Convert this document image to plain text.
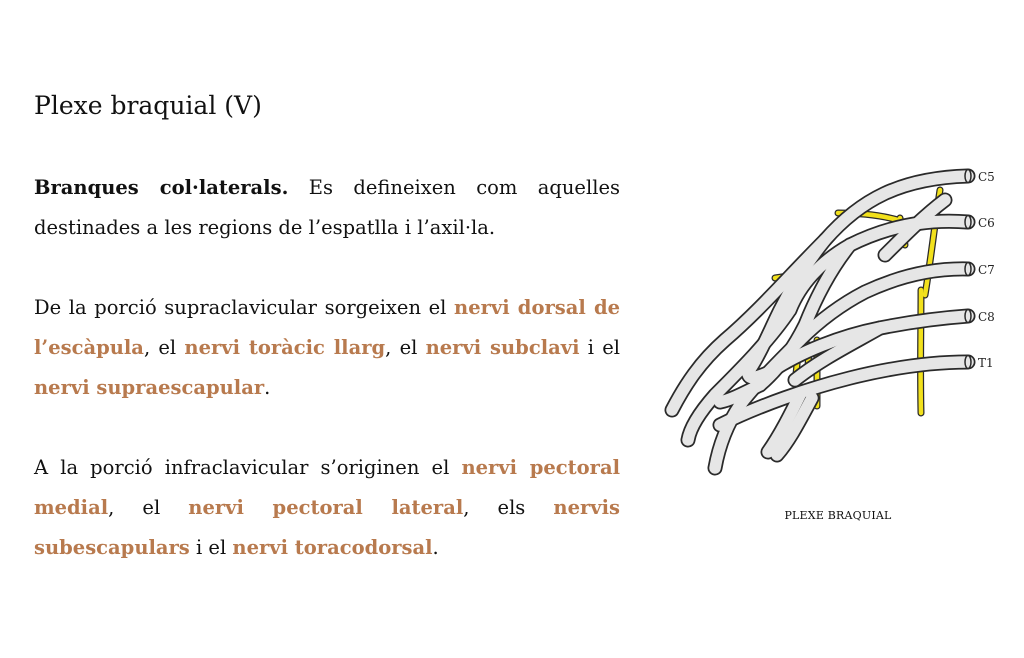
Plexe braquial (V)

Branques col·laterals. Es defineixen com aquelles destinades a les regions de l’espatlla i l’axil·la.

De la porció supraclavicular sorgeixen el nervi dorsal de l’escàpula, el nervi toràcic llarg, el nervi subclavi i el nervi supraescapular.

A la porció infraclavicular s’originen el nervi pectoral medial, el nervi pectoral lateral, els nervis subescapulars i el nervi toracodorsal.

C5
C6
C7
C8
T1
PLEXE BRAQUIAL
